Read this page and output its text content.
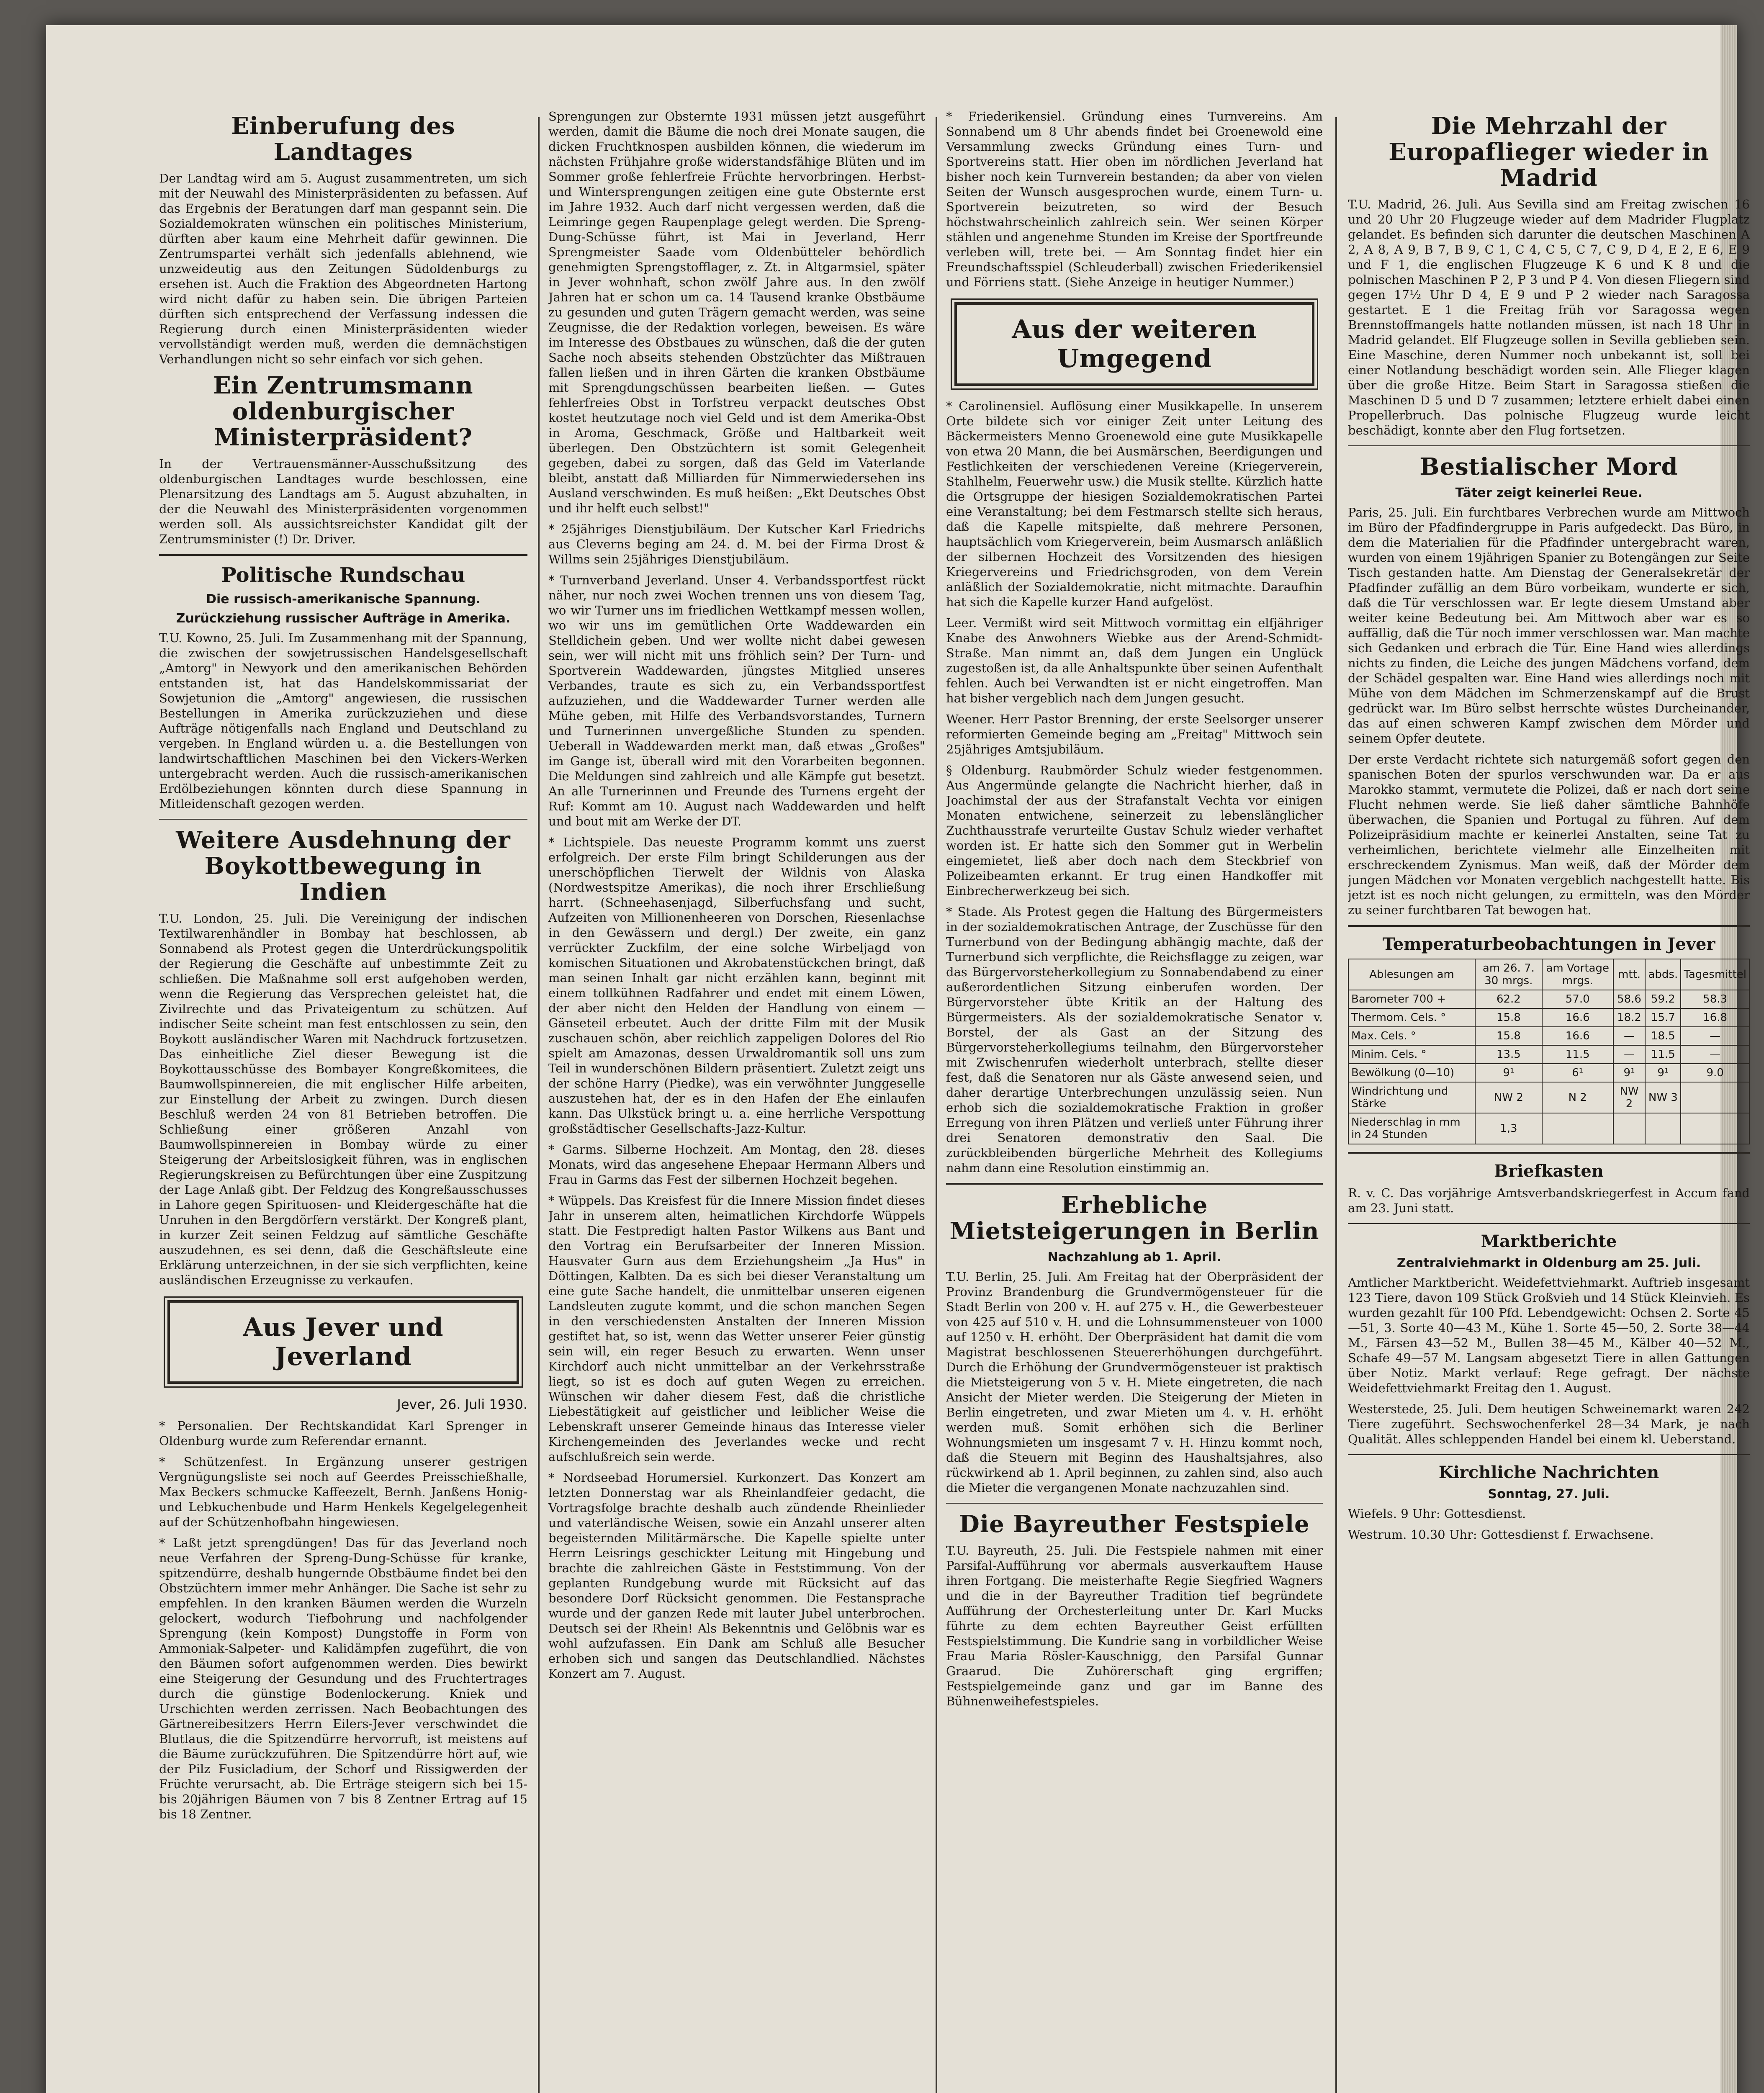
Einberufung des Landtages

Der Landtag wird am 5. August zusammentreten, um sich mit der Neuwahl des Ministerpräsidenten zu befassen. Auf das Ergebnis der Beratungen darf man gespannt sein. Die Sozialdemokraten wünschen ein politisches Ministerium, dürften aber kaum eine Mehrheit dafür gewinnen. Die Zentrumspartei verhält sich jedenfalls ablehnend, wie unzweideutig aus den Zeitungen Südoldenburgs zu ersehen ist. Auch die Fraktion des Abgeordneten Hartong wird nicht dafür zu haben sein. Die übrigen Parteien dürften sich entsprechend der Verfassung indessen die Regierung durch einen Ministerpräsidenten wieder vervollständigt werden muß, werden die demnächstigen Verhandlungen nicht so sehr einfach vor sich gehen.

Ein Zentrumsmann oldenburgischer Ministerpräsident?

In der Vertrauensmänner-Ausschußsitzung des oldenburgischen Landtages wurde beschlossen, eine Plenarsitzung des Landtags am 5. August abzuhalten, in der die Neuwahl des Ministerpräsidenten vorgenommen werden soll. Als aussichtsreichster Kandidat gilt der Zentrumsminister (!) Dr. Driver.

Politische Rundschau
Die russisch-amerikanische Spannung.
Zurückziehung russischer Aufträge in Amerika.

T.U. Kowno, 25. Juli. Im Zusammenhang mit der Spannung, die zwischen der sowjetrussischen Handelsgesellschaft „Amtorg" in Newyork und den amerikanischen Behörden entstanden ist, hat das Handelskommissariat der Sowjetunion die „Amtorg" angewiesen, die russischen Bestellungen in Amerika zurückzuziehen und diese Aufträge nötigenfalls nach England und Deutschland zu vergeben. In England würden u. a. die Bestellungen von landwirtschaftlichen Maschinen bei den Vickers-Werken untergebracht werden. Auch die russisch-amerikanischen Erdölbeziehungen könnten durch diese Spannung in Mitleidenschaft gezogen werden.

Weitere Ausdehnung der Boykottbewegung in Indien

T.U. London, 25. Juli. Die Vereinigung der indischen Textilwarenhändler in Bombay hat beschlossen, ab Sonnabend als Protest gegen die Unterdrückungspolitik der Regierung die Geschäfte auf unbestimmte Zeit zu schließen. Die Maßnahme soll erst aufgehoben werden, wenn die Regierung das Versprechen geleistet hat, die Zivilrechte und das Privateigentum zu schützen. Auf indischer Seite scheint man fest entschlossen zu sein, den Boykott ausländischer Waren mit Nachdruck fortzusetzen. Das einheitliche Ziel dieser Bewegung ist die Boykottausschüsse des Bombayer Kongreßkomitees, die Baumwollspinnereien, die mit englischer Hilfe arbeiten, zur Einstellung der Arbeit zu zwingen. Durch diesen Beschluß werden 24 von 81 Betrieben betroffen. Die Schließung einer größeren Anzahl von Baumwollspinnereien in Bombay würde zu einer Steigerung der Arbeitslosigkeit führen, was in englischen Regierungskreisen zu Befürchtungen über eine Zuspitzung der Lage Anlaß gibt. Der Feldzug des Kongreßausschusses in Lahore gegen Spirituosen- und Kleidergeschäfte hat die Unruhen in den Bergdörfern verstärkt. Der Kongreß plant, in kurzer Zeit seinen Feldzug auf sämtliche Geschäfte auszudehnen, es sei denn, daß die Geschäftsleute eine Erklärung unterzeichnen, in der sie sich verpflichten, keine ausländischen Erzeugnisse zu verkaufen.

Aus Jever und Jeverland
Jever, 26. Juli 1930.

* Personalien. Der Rechtskandidat Karl Sprenger in Oldenburg wurde zum Referendar ernannt.

* Schützenfest. In Ergänzung unserer gestrigen Vergnügungsliste sei noch auf Geerdes Preisschießhalle, Max Beckers schmucke Kaffeezelt, Bernh. Janßens Honig- und Lebkuchenbude und Harm Henkels Kegelgelegenheit auf der Schützenhofbahn hingewiesen.

* Laßt jetzt sprengdüngen! Das für das Jeverland noch neue Verfahren der Spreng-Dung-Schüsse für kranke, spitzendürre, deshalb hungernde Obstbäume findet bei den Obstzüchtern immer mehr Anhänger. Die Sache ist sehr zu empfehlen. In den kranken Bäumen werden die Wurzeln gelockert, wodurch Tiefbohrung und nachfolgender Sprengung (kein Kompost) Dungstoffe in Form von Ammoniak-Salpeter- und Kalidämpfen zugeführt, die von den Bäumen sofort aufgenommen werden. Dies bewirkt eine Steigerung der Gesundung und des Fruchtertrages durch die günstige Bodenlockerung. Kniek und Urschichten werden zerrissen. Nach Beobachtungen des Gärtnereibesitzers Herrn Eilers-Jever verschwindet die Blutlaus, die die Spitzendürre hervorruft, ist meistens auf die Bäume zurückzuführen. Die Spitzendürre hört auf, wie der Pilz Fusicladium, der Schorf und Rissigwerden der Früchte verursacht, ab. Die Erträge steigern sich bei 15- bis 20jährigen Bäumen von 7 bis 8 Zentner Ertrag auf 15 bis 18 Zentner.

Sprengungen zur Obsternte 1931 müssen jetzt ausgeführt werden, damit die Bäume die noch drei Monate saugen, die dicken Fruchtknospen ausbilden können, die wiederum im nächsten Frühjahre große widerstandsfähige Blüten und im Sommer große fehlerfreie Früchte hervorbringen. Herbst- und Wintersprengungen zeitigen eine gute Obsternte erst im Jahre 1932. Auch darf nicht vergessen werden, daß die Leimringe gegen Raupenplage gelegt werden. Die Spreng-Dung-Schüsse führt, ist Mai in Jeverland, Herr Sprengmeister Saade vom Oldenbütteler behördlich genehmigten Sprengstofflager, z. Zt. in Altgarmsiel, später in Jever wohnhaft, schon zwölf Jahre aus. In den zwölf Jahren hat er schon um ca. 14 Tausend kranke Obstbäume zu gesunden und guten Trägern gemacht werden, was seine Zeugnisse, die der Redaktion vorlegen, beweisen. Es wäre im Interesse des Obstbaues zu wünschen, daß die der guten Sache noch abseits stehenden Obstzüchter das Mißtrauen fallen ließen und in ihren Gärten die kranken Obstbäume mit Sprengdungschüssen bearbeiten ließen. — Gutes fehlerfreies Obst in Torfstreu verpackt deutsches Obst kostet heutzutage noch viel Geld und ist dem Amerika-Obst in Aroma, Geschmack, Größe und Haltbarkeit weit überlegen. Den Obstzüchtern ist somit Gelegenheit gegeben, dabei zu sorgen, daß das Geld im Vaterlande bleibt, anstatt daß Milliarden für Nimmerwiedersehen ins Ausland verschwinden. Es muß heißen: „Ekt Deutsches Obst und ihr helft euch selbst!"

* 25jähriges Dienstjubiläum. Der Kutscher Karl Friedrichs aus Cleverns beging am 24. d. M. bei der Firma Drost & Willms sein 25jähriges Dienstjubiläum.

* Turnverband Jeverland. Unser 4. Verbandssportfest rückt näher, nur noch zwei Wochen trennen uns von diesem Tag, wo wir Turner uns im friedlichen Wettkampf messen wollen, wo wir uns im gemütlichen Orte Waddewarden ein Stelldichein geben. Und wer wollte nicht dabei gewesen sein, wer will nicht mit uns fröhlich sein? Der Turn- und Sportverein Waddewarden, jüngstes Mitglied unseres Verbandes, traute es sich zu, ein Verbandssportfest aufzuziehen, und die Waddewarder Turner werden alle Mühe geben, mit Hilfe des Verbandsvorstandes, Turnern und Turnerinnen unvergeßliche Stunden zu spenden. Ueberall in Waddewarden merkt man, daß etwas „Großes" im Gange ist, überall wird mit den Vorarbeiten begonnen. Die Meldungen sind zahlreich und alle Kämpfe gut besetzt. An alle Turnerinnen und Freunde des Turnens ergeht der Ruf: Kommt am 10. August nach Waddewarden und helft und bout mit am Werke der DT.

* Lichtspiele. Das neueste Programm kommt uns zuerst erfolgreich. Der erste Film bringt Schilderungen aus der unerschöpflichen Tierwelt der Wildnis von Alaska (Nordwestspitze Amerikas), die noch ihrer Erschließung harrt. (Schneehasenjagd, Silberfuchsfang und sucht, Aufzeiten von Millionenheeren von Dorschen, Riesenlachse in den Gewässern und dergl.) Der zweite, ein ganz verrückter Zuckfilm, der eine solche Wirbeljagd von komischen Situationen und Akrobatenstückchen bringt, daß man seinen Inhalt gar nicht erzählen kann, beginnt mit einem tollkühnen Radfahrer und endet mit einem Löwen, der aber nicht den Helden der Handlung von einem — Gänseteil erbeutet. Auch der dritte Film mit der Musik zuschauen schön, aber reichlich zappeligen Dolores del Rio spielt am Amazonas, dessen Urwaldromantik soll uns zum Teil in wunderschönen Bildern präsentiert. Zuletzt zeigt uns der schöne Harry (Piedke), was ein verwöhnter Junggeselle auszustehen hat, der es in den Hafen der Ehe einlaufen kann. Das Ulkstück bringt u. a. eine herrliche Verspottung großstädtischer Gesellschafts-Jazz-Kultur.

* Garms. Silberne Hochzeit. Am Montag, den 28. dieses Monats, wird das angesehene Ehepaar Hermann Albers und Frau in Garms das Fest der silbernen Hochzeit begehen.

* Wüppels. Das Kreisfest für die Innere Mission findet dieses Jahr in unserem alten, heimatlichen Kirchdorfe Wüppels statt. Die Festpredigt halten Pastor Wilkens aus Bant und den Vortrag ein Berufsarbeiter der Inneren Mission. Hausvater Gurn aus dem Erziehungsheim „Ja Hus" in Döttingen, Kalbten. Da es sich bei dieser Veranstaltung um eine gute Sache handelt, die unmittelbar unseren eigenen Landsleuten zugute kommt, und die schon manchen Segen in den verschiedensten Anstalten der Inneren Mission gestiftet hat, so ist, wenn das Wetter unserer Feier günstig sein will, ein reger Besuch zu erwarten. Wenn unser Kirchdorf auch nicht unmittelbar an der Verkehrsstraße liegt, so ist es doch auf guten Wegen zu erreichen. Wünschen wir daher diesem Fest, daß die christliche Liebestätigkeit auf geistlicher und leiblicher Weise die Lebenskraft unserer Gemeinde hinaus das Interesse vieler Kirchengemeinden des Jeverlandes wecke und recht aufschlußreich sein werde.

* Nordseebad Horumersiel. Kurkonzert. Das Konzert am letzten Donnerstag war als Rheinlandfeier gedacht, die Vortragsfolge brachte deshalb auch zündende Rheinlieder und vaterländische Weisen, sowie ein Anzahl unserer alten begeisternden Militärmärsche. Die Kapelle spielte unter Herrn Leisrings geschickter Leitung mit Hingebung und brachte die zahlreichen Gäste in Feststimmung. Von der geplanten Rundgebung wurde mit Rücksicht auf das besondere Dorf Rücksicht genommen. Die Festansprache wurde und der ganzen Rede mit lauter Jubel unterbrochen. Deutsch sei der Rhein! Als Bekenntnis und Gelöbnis war es wohl aufzufassen. Ein Dank am Schluß alle Besucher erhoben sich und sangen das Deutschlandlied. Nächstes Konzert am 7. August.

* Friederikensiel. Gründung eines Turnvereins. Am Sonnabend um 8 Uhr abends findet bei Groenewold eine Versammlung zwecks Gründung eines Turn- und Sportvereins statt. Hier oben im nördlichen Jeverland hat bisher noch kein Turnverein bestanden; da aber von vielen Seiten der Wunsch ausgesprochen wurde, einem Turn- u. Sportverein beizutreten, so wird der Besuch höchstwahrscheinlich zahlreich sein. Wer seinen Körper stählen und angenehme Stunden im Kreise der Sportfreunde verleben will, trete bei. — Am Sonntag findet hier ein Freundschaftsspiel (Schleuderball) zwischen Friederikensiel und Förriens statt. (Siehe Anzeige in heutiger Nummer.)

Aus der weiteren Umgegend

* Carolinensiel. Auflösung einer Musikkapelle. In unserem Orte bildete sich vor einiger Zeit unter Leitung des Bäckermeisters Menno Groenewold eine gute Musikkapelle von etwa 20 Mann, die bei Ausmärschen, Beerdigungen und Festlichkeiten der verschiedenen Vereine (Kriegerverein, Stahlhelm, Feuerwehr usw.) die Musik stellte. Kürzlich hatte die Ortsgruppe der hiesigen Sozialdemokratischen Partei eine Veranstaltung; bei dem Festmarsch stellte sich heraus, daß die Kapelle mitspielte, daß mehrere Personen, hauptsächlich vom Kriegerverein, beim Ausmarsch anläßlich der silbernen Hochzeit des Vorsitzenden des hiesigen Kriegervereins und Friedrichsgroden, von dem Verein anläßlich der Sozialdemokratie, nicht mitmachte. Daraufhin hat sich die Kapelle kurzer Hand aufgelöst.

Leer. Vermißt wird seit Mittwoch vormittag ein elfjähriger Knabe des Anwohners Wiebke aus der Arend-Schmidt-Straße. Man nimmt an, daß dem Jungen ein Unglück zugestoßen ist, da alle Anhaltspunkte über seinen Aufenthalt fehlen. Auch bei Verwandten ist er nicht eingetroffen. Man hat bisher vergeblich nach dem Jungen gesucht.

Weener. Herr Pastor Brenning, der erste Seelsorger unserer reformierten Gemeinde beging am „Freitag" Mittwoch sein 25jähriges Amtsjubiläum.

§ Oldenburg. Raubmörder Schulz wieder festgenommen. Aus Angermünde gelangte die Nachricht hierher, daß in Joachimstal der aus der Strafanstalt Vechta vor einigen Monaten entwichene, seinerzeit zu lebenslänglicher Zuchthausstrafe verurteilte Gustav Schulz wieder verhaftet worden ist. Er hatte sich den Sommer gut in Werbelin eingemietet, ließ aber doch nach dem Steckbrief von Polizeibeamten erkannt. Er trug einen Handkoffer mit Einbrecherwerkzeug bei sich.

* Stade. Als Protest gegen die Haltung des Bürgermeisters in der sozialdemokratischen Antrage, der Zuschüsse für den Turnerbund von der Bedingung abhängig machte, daß der Turnerbund sich verpflichte, die Reichsflagge zu zeigen, war das Bürgervorsteherkollegium zu Sonnabendabend zu einer außerordentlichen Sitzung einberufen worden. Der Bürgervorsteher übte Kritik an der Haltung des Bürgermeisters. Als der sozialdemokratische Senator v. Borstel, der als Gast an der Sitzung des Bürgervorsteherkollegiums teilnahm, den Bürgervorsteher mit Zwischenrufen wiederholt unterbrach, stellte dieser fest, daß die Senatoren nur als Gäste anwesend seien, und daher derartige Unterbrechungen unzulässig seien. Nun erhob sich die sozialdemokratische Fraktion in großer Erregung von ihren Plätzen und verließ unter Führung ihrer drei Senatoren demonstrativ den Saal. Die zurückbleibenden bürgerliche Mehrheit des Kollegiums nahm dann eine Resolution einstimmig an.

Erhebliche Mietsteigerungen in Berlin
Nachzahlung ab 1. April.

T.U. Berlin, 25. Juli. Am Freitag hat der Oberpräsident der Provinz Brandenburg die Grundvermögensteuer für die Stadt Berlin von 200 v. H. auf 275 v. H., die Gewerbesteuer von 425 auf 510 v. H. und die Lohnsummensteuer von 1000 auf 1250 v. H. erhöht. Der Oberpräsident hat damit die vom Magistrat beschlossenen Steuererhöhungen durchgeführt. Durch die Erhöhung der Grundvermögensteuer ist praktisch die Mietsteigerung von 5 v. H. Miete eingetreten, die nach Ansicht der Mieter werden. Die Steigerung der Mieten in Berlin eingetreten, und zwar Mieten um 4. v. H. erhöht werden muß. Somit erhöhen sich die Berliner Wohnungsmieten um insgesamt 7 v. H. Hinzu kommt noch, daß die Steuern mit Beginn des Haushaltsjahres, also rückwirkend ab 1. April beginnen, zu zahlen sind, also auch die Mieter die vergangenen Monate nachzuzahlen sind.

Die Bayreuther Festspiele

T.U. Bayreuth, 25. Juli. Die Festspiele nahmen mit einer Parsifal-Aufführung vor abermals ausverkauftem Hause ihren Fortgang. Die meisterhafte Regie Siegfried Wagners und die in der Bayreuther Tradition tief begründete Aufführung der Orchesterleitung unter Dr. Karl Mucks führte zu dem echten Bayreuther Geist erfüllten Festspielstimmung. Die Kundrie sang in vorbildlicher Weise Frau Maria Rösler-Kauschnigg, den Parsifal Gunnar Graarud. Die Zuhörerschaft ging ergriffen; Festspielgemeinde ganz und gar im Banne des Bühnenweihefestspieles.

Die Mehrzahl der Europaflieger wieder in Madrid

T.U. Madrid, 26. Juli. Aus Sevilla sind am Freitag zwischen 16 und 20 Uhr 20 Flugzeuge wieder auf dem Madrider Flugplatz gelandet. Es befinden sich darunter die deutschen Maschinen A 2, A 8, A 9, B 7, B 9, C 1, C 4, C 5, C 7, C 9, D 4, E 2, E 6, E 9 und F 1, die englischen Flugzeuge K 6 und K 8 und die polnischen Maschinen P 2, P 3 und P 4. Von diesen Fliegern sind gegen 17½ Uhr D 4, E 9 und P 2 wieder nach Saragossa gestartet. E 1 die Freitag früh vor Saragossa wegen Brennstoffmangels hatte notlanden müssen, ist nach 18 Uhr in Madrid gelandet. Elf Flugzeuge sollen in Sevilla geblieben sein. Eine Maschine, deren Nummer noch unbekannt ist, soll bei einer Notlandung beschädigt worden sein. Alle Flieger klagen über die große Hitze. Beim Start in Saragossa stießen die Maschinen D 5 und D 7 zusammen; letztere erhielt dabei einen Propellerbruch. Das polnische Flugzeug wurde leicht beschädigt, konnte aber den Flug fortsetzen.

Bestialischer Mord
Täter zeigt keinerlei Reue.

Paris, 25. Juli. Ein furchtbares Verbrechen wurde am Mittwoch im Büro der Pfadfindergruppe in Paris aufgedeckt. Das Büro, in dem die Materialien für die Pfadfinder untergebracht waren, wurden von einem 19jährigen Spanier zu Botengängen zur Seite Tisch gestanden hatte. Am Dienstag der Generalsekretär der Pfadfinder zufällig an dem Büro vorbeikam, wunderte er sich, daß die Tür verschlossen war. Er legte diesem Umstand aber weiter keine Bedeutung bei. Am Mittwoch aber war es so auffällig, daß die Tür noch immer verschlossen war. Man machte sich Gedanken und erbrach die Tür. Eine Hand wies allerdings nichts zu finden, die Leiche des jungen Mädchens vorfand, dem der Schädel gespalten war. Eine Hand wies allerdings noch mit Mühe von dem Mädchen im Schmerzenskampf auf die Brust gedrückt war. Im Büro selbst herrschte wüstes Durcheinander, das auf einen schweren Kampf zwischen dem Mörder und seinem Opfer deutete.

Der erste Verdacht richtete sich naturgemäß sofort gegen den spanischen Boten der spurlos verschwunden war. Da er aus Marokko stammt, vermutete die Polizei, daß er nach dort seine Flucht nehmen werde. Sie ließ daher sämtliche Bahnhöfe überwachen, die Spanien und Portugal zu führen. Auf dem Polizeipräsidium machte er keinerlei Anstalten, seine Tat zu verheimlichen, berichtete vielmehr alle Einzelheiten mit erschreckendem Zynismus. Man weiß, daß der Mörder dem jungen Mädchen vor Monaten vergeblich nachgestellt hatte. Bis jetzt ist es noch nicht gelungen, zu ermitteln, was den Mörder zu seiner furchtbaren Tat bewogen hat.

Temperaturbeobachtungen in Jever
Ablesungen am	am 26. 7. 30 mrgs.	am Vortage mrgs.	mtt.	abds.	Tagesmittel
Barometer 700 +	62.2	57.0	58.6	59.2	58.3
Thermom. Cels. °	15.8	16.6	18.2	15.7	16.8
Max. Cels. °	15.8	16.6	—	18.5	—
Minim. Cels. °	13.5	11.5	—	11.5	—
Bewölkung (0—10)	9¹	6¹	9¹	9¹	9.0
Windrichtung und Stärke	NW 2	N 2	NW 2	NW 3	
Niederschlag in mm in 24 Stunden	1,3				
Briefkasten

R. v. C. Das vorjährige Amtsverbandskriegerfest in Accum fand am 23. Juni statt.

Marktberichte
Zentralviehmarkt in Oldenburg am 25. Juli.

Amtlicher Marktbericht. Weidefettviehmarkt. Auftrieb insgesamt 123 Tiere, davon 109 Stück Großvieh und 14 Stück Kleinvieh. Es wurden gezahlt für 100 Pfd. Lebendgewicht: Ochsen 2. Sorte 45—51, 3. Sorte 40—43 M., Kühe 1. Sorte 45—50, 2. Sorte 38—44 M., Färsen 43—52 M., Bullen 38—45 M., Kälber 40—52 M., Schafe 49—57 M. Langsam abgesetzt Tiere in allen Gattungen über Notiz. Markt verlauf: Rege gefragt. Der nächste Weidefettviehmarkt Freitag den 1. August.

Westerstede, 25. Juli. Dem heutigen Schweinemarkt waren 242 Tiere zugeführt. Sechswochenferkel 28—34 Mark, je nach Qualität. Alles schleppenden Handel bei einem kl. Ueberstand.

Kirchliche Nachrichten
Sonntag, 27. Juli.

Wiefels. 9 Uhr: Gottesdienst.

Westrum. 10.30 Uhr: Gottesdienst f. Erwachsene.
